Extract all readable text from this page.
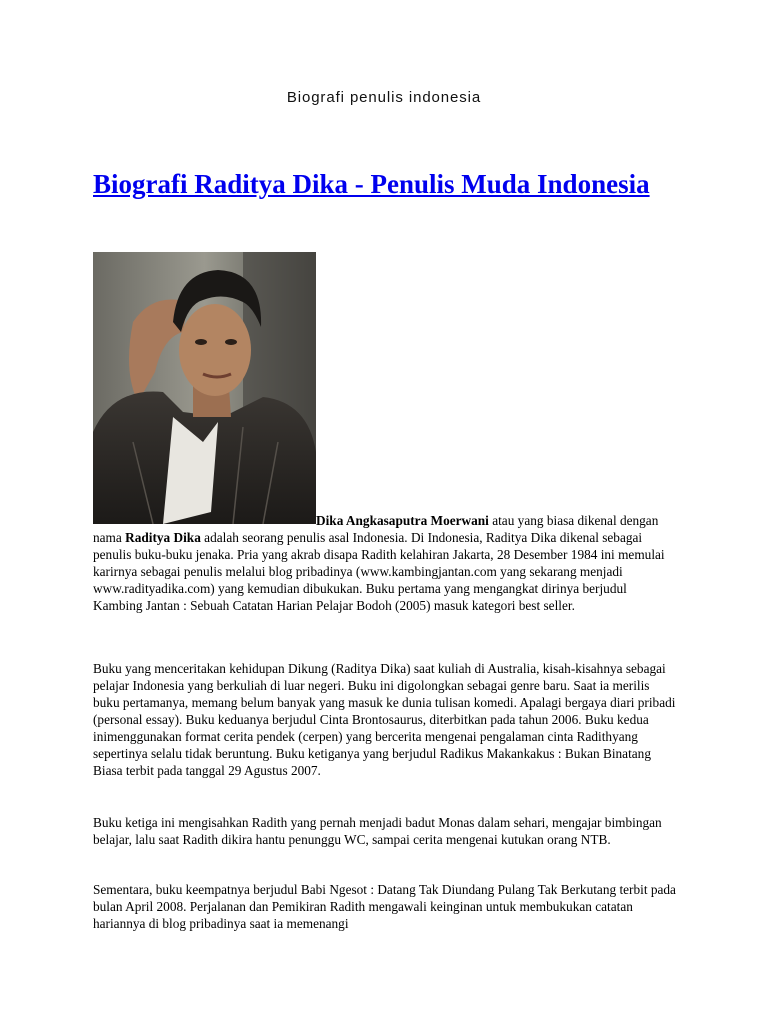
Biografi penulis indonesia
Biografi Raditya Dika - Penulis Muda Indonesia

Dika Angkasaputra Moerwani atau yang biasa dikenal dengan nama Raditya Dika adalah seorang penulis asal Indonesia. Di Indonesia, Raditya Dika dikenal sebagai penulis buku-buku jenaka. Pria yang akrab disapa Radith kelahiran Jakarta, 28 Desember 1984 ini memulai karirnya sebagai penulis melalui blog pribadinya (www.kambingjantan.com yang sekarang menjadi www.radityadika.com) yang kemudian dibukukan. Buku pertama yang mengangkat dirinya berjudul Kambing Jantan : Sebuah Catatan Harian Pelajar Bodoh (2005) masuk kategori best seller.

Buku yang menceritakan kehidupan Dikung (Raditya Dika) saat kuliah di Australia, kisah-kisahnya sebagai pelajar Indonesia yang berkuliah di luar negeri. Buku ini digolongkan sebagai genre baru. Saat ia merilis buku pertamanya, memang belum banyak yang masuk ke dunia tulisan komedi. Apalagi bergaya diari pribadi (personal essay). Buku keduanya berjudul Cinta Brontosaurus, diterbitkan pada tahun 2006. Buku kedua inimenggunakan format cerita pendek (cerpen) yang bercerita mengenai pengalaman cinta Radithyang sepertinya selalu tidak beruntung. Buku ketiganya yang berjudul Radikus Makankakus : Bukan Binatang Biasa terbit pada tanggal 29 Agustus 2007.

Buku ketiga ini mengisahkan Radith yang pernah menjadi badut Monas dalam sehari, mengajar bimbingan belajar, lalu saat Radith dikira hantu penunggu WC, sampai cerita mengenai kutukan orang NTB.

Sementara, buku keempatnya berjudul Babi Ngesot : Datang Tak Diundang Pulang Tak Berkutang terbit pada bulan April 2008. Perjalanan dan Pemikiran Radith mengawali keinginan untuk membukukan catatan hariannya di blog pribadinya saat ia memenangi
